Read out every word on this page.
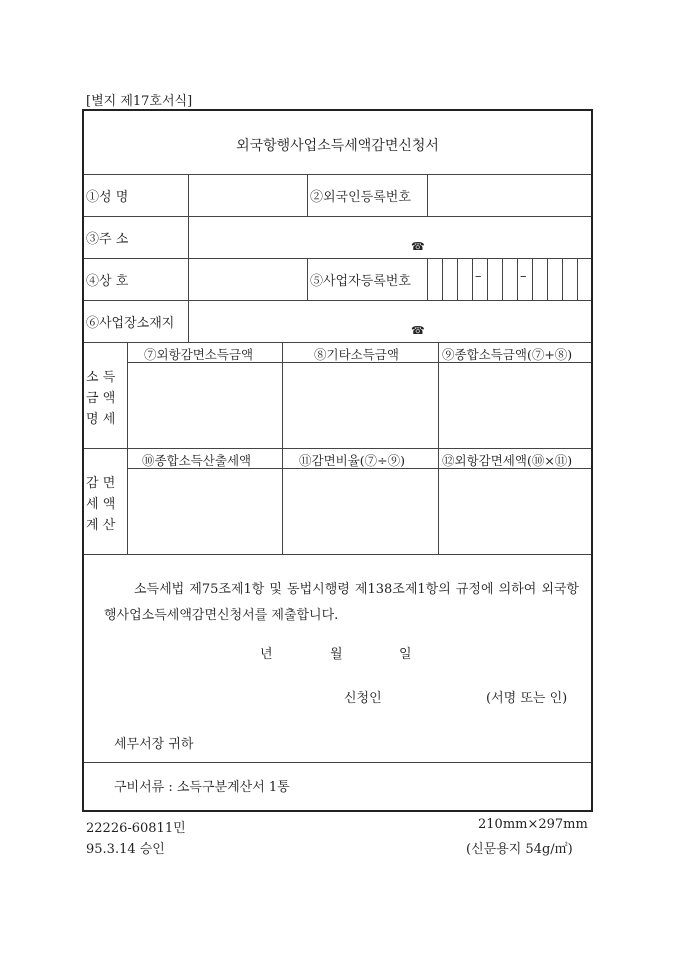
[별지 제17호서식]
외국항행사업소득세액감면신청서
①성 명	②외국인등록번호
③주 소	☎
④상 호	⑤사업자등록번호	–	–
⑥사업장소재지	☎
소 득
금 액
명 세
⑦외항감면소득금액	⑧기타소득금액	⑨종합소득금액(⑦+⑧)
감 면
세 액
계 산
⑩종합소득산출세액	⑪감면비율(⑦÷⑨)	⑫외항감면세액(⑩×⑪)
소득세법 제75조제1항 및 동법시행령 제138조제1항의 규정에 의하여 외국항행사업소득세액감면신청서를 제출합니다.
년	월	일
신청인	(서명 또는 인)
세무서장 귀하
구비서류 : 소득구분계산서 1통
22226-60811민
95.3.14 승인
210mm×297mm
(신문용지 54g/㎡)
